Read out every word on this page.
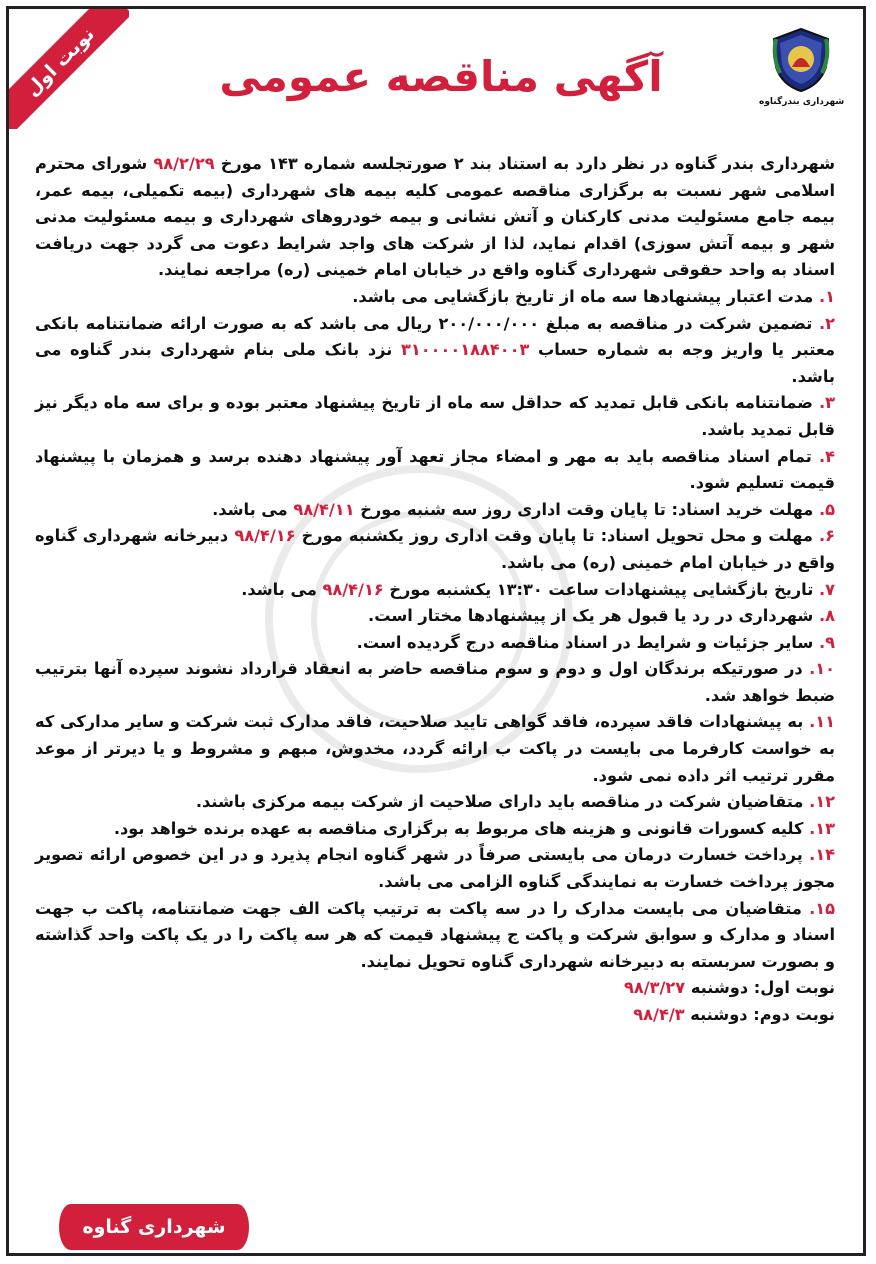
نوبت اول
شهرداری بندرگناوه
آگهی مناقصه عمومی

شهرداری بندر گناوه در نظر دارد به استناد بند ۲ صورتجلسه شماره ۱۴۳ مورخ ۹۸/۲/۲۹ شورای محترم اسلامی شهر نسبت به برگزاری مناقصه عمومی کلیه بیمه های شهرداری (بیمه تکمیلی، بیمه عمر، بیمه جامع مسئولیت مدنی کارکنان و آتش نشانی و بیمه خودروهای شهرداری و بیمه مسئولیت مدنی شهر و بیمه آتش سوزی) اقدام نماید، لذا از شرکت های واجد شرایط دعوت می گردد جهت دریافت اسناد به واحد حقوقی شهرداری گناوه واقع در خیابان امام خمینی (ره) مراجعه نمایند.

۱. مدت اعتبار پیشنهادها سه ماه از تاریخ بازگشایی می باشد.

۲. تضمین شرکت در مناقصه به مبلغ ۲۰۰/۰۰۰/۰۰۰ ریال می باشد که به صورت ارائه ضمانتنامه بانکی معتبر یا واریز وجه به شماره حساب ۳۱۰۰۰۰۱۸۸۴۰۰۳ نزد بانک ملی بنام شهرداری بندر گناوه می باشد.

۳. ضمانتنامه بانکی قابل تمدید که حداقل سه ماه از تاریخ پیشنهاد معتبر بوده و برای سه ماه دیگر نیز قابل تمدید باشد.

۴. تمام اسناد مناقصه باید به مهر و امضاء مجاز تعهد آور پیشنهاد دهنده برسد و همزمان با پیشنهاد قیمت تسلیم شود.

۵. مهلت خرید اسناد: تا پایان وقت اداری روز سه شنبه مورخ ۹۸/۴/۱۱ می باشد.

۶. مهلت و محل تحویل اسناد: تا پایان وقت اداری روز یکشنبه مورخ ۹۸/۴/۱۶ دبیرخانه شهرداری گناوه واقع در خیابان امام خمینی (ره) می باشد.

۷. تاریخ بازگشایی پیشنهادات ساعت ۱۳:۳۰ یکشنبه مورخ ۹۸/۴/۱۶ می باشد.

۸. شهرداری در رد یا قبول هر یک از پیشنهادها مختار است.

۹. سایر جزئیات و شرایط در اسناد مناقصه درج گردیده است.

۱۰. در صورتیکه برندگان اول و دوم و سوم مناقصه حاضر به انعقاد قرارداد نشوند سپرده آنها بترتیب ضبط خواهد شد.

۱۱. به پیشنهادات فاقد سپرده، فاقد گواهی تایید صلاحیت، فاقد مدارک ثبت شرکت و سایر مدارکی که به خواست کارفرما می بایست در پاکت ب ارائه گردد، مخدوش، مبهم و مشروط و یا دیرتر از موعد مقرر ترتیب اثر داده نمی شود.

۱۲. متقاضیان شرکت در مناقصه باید دارای صلاحیت از شرکت بیمه مرکزی باشند.

۱۳. کلیه کسورات قانونی و هزینه های مربوط به برگزاری مناقصه به عهده برنده خواهد بود.

۱۴. پرداخت خسارت درمان می بایستی صرفاً در شهر گناوه انجام پذیرد و در این خصوص ارائه تصویر مجوز پرداخت خسارت به نمایندگی گناوه الزامی می باشد.

۱۵. متقاضیان می بایست مدارک را در سه پاکت به ترتیب پاکت الف جهت ضمانتنامه، پاکت ب جهت اسناد و مدارک و سوابق شرکت و پاکت ج پیشنهاد قیمت که هر سه پاکت را در یک پاکت واحد گذاشته و بصورت سربسته به دبیرخانه شهرداری گناوه تحویل نمایند.

نوبت اول: دوشنبه ۹۸/۳/۲۷

نوبت دوم: دوشنبه ۹۸/۴/۳

شهرداری گناوه
